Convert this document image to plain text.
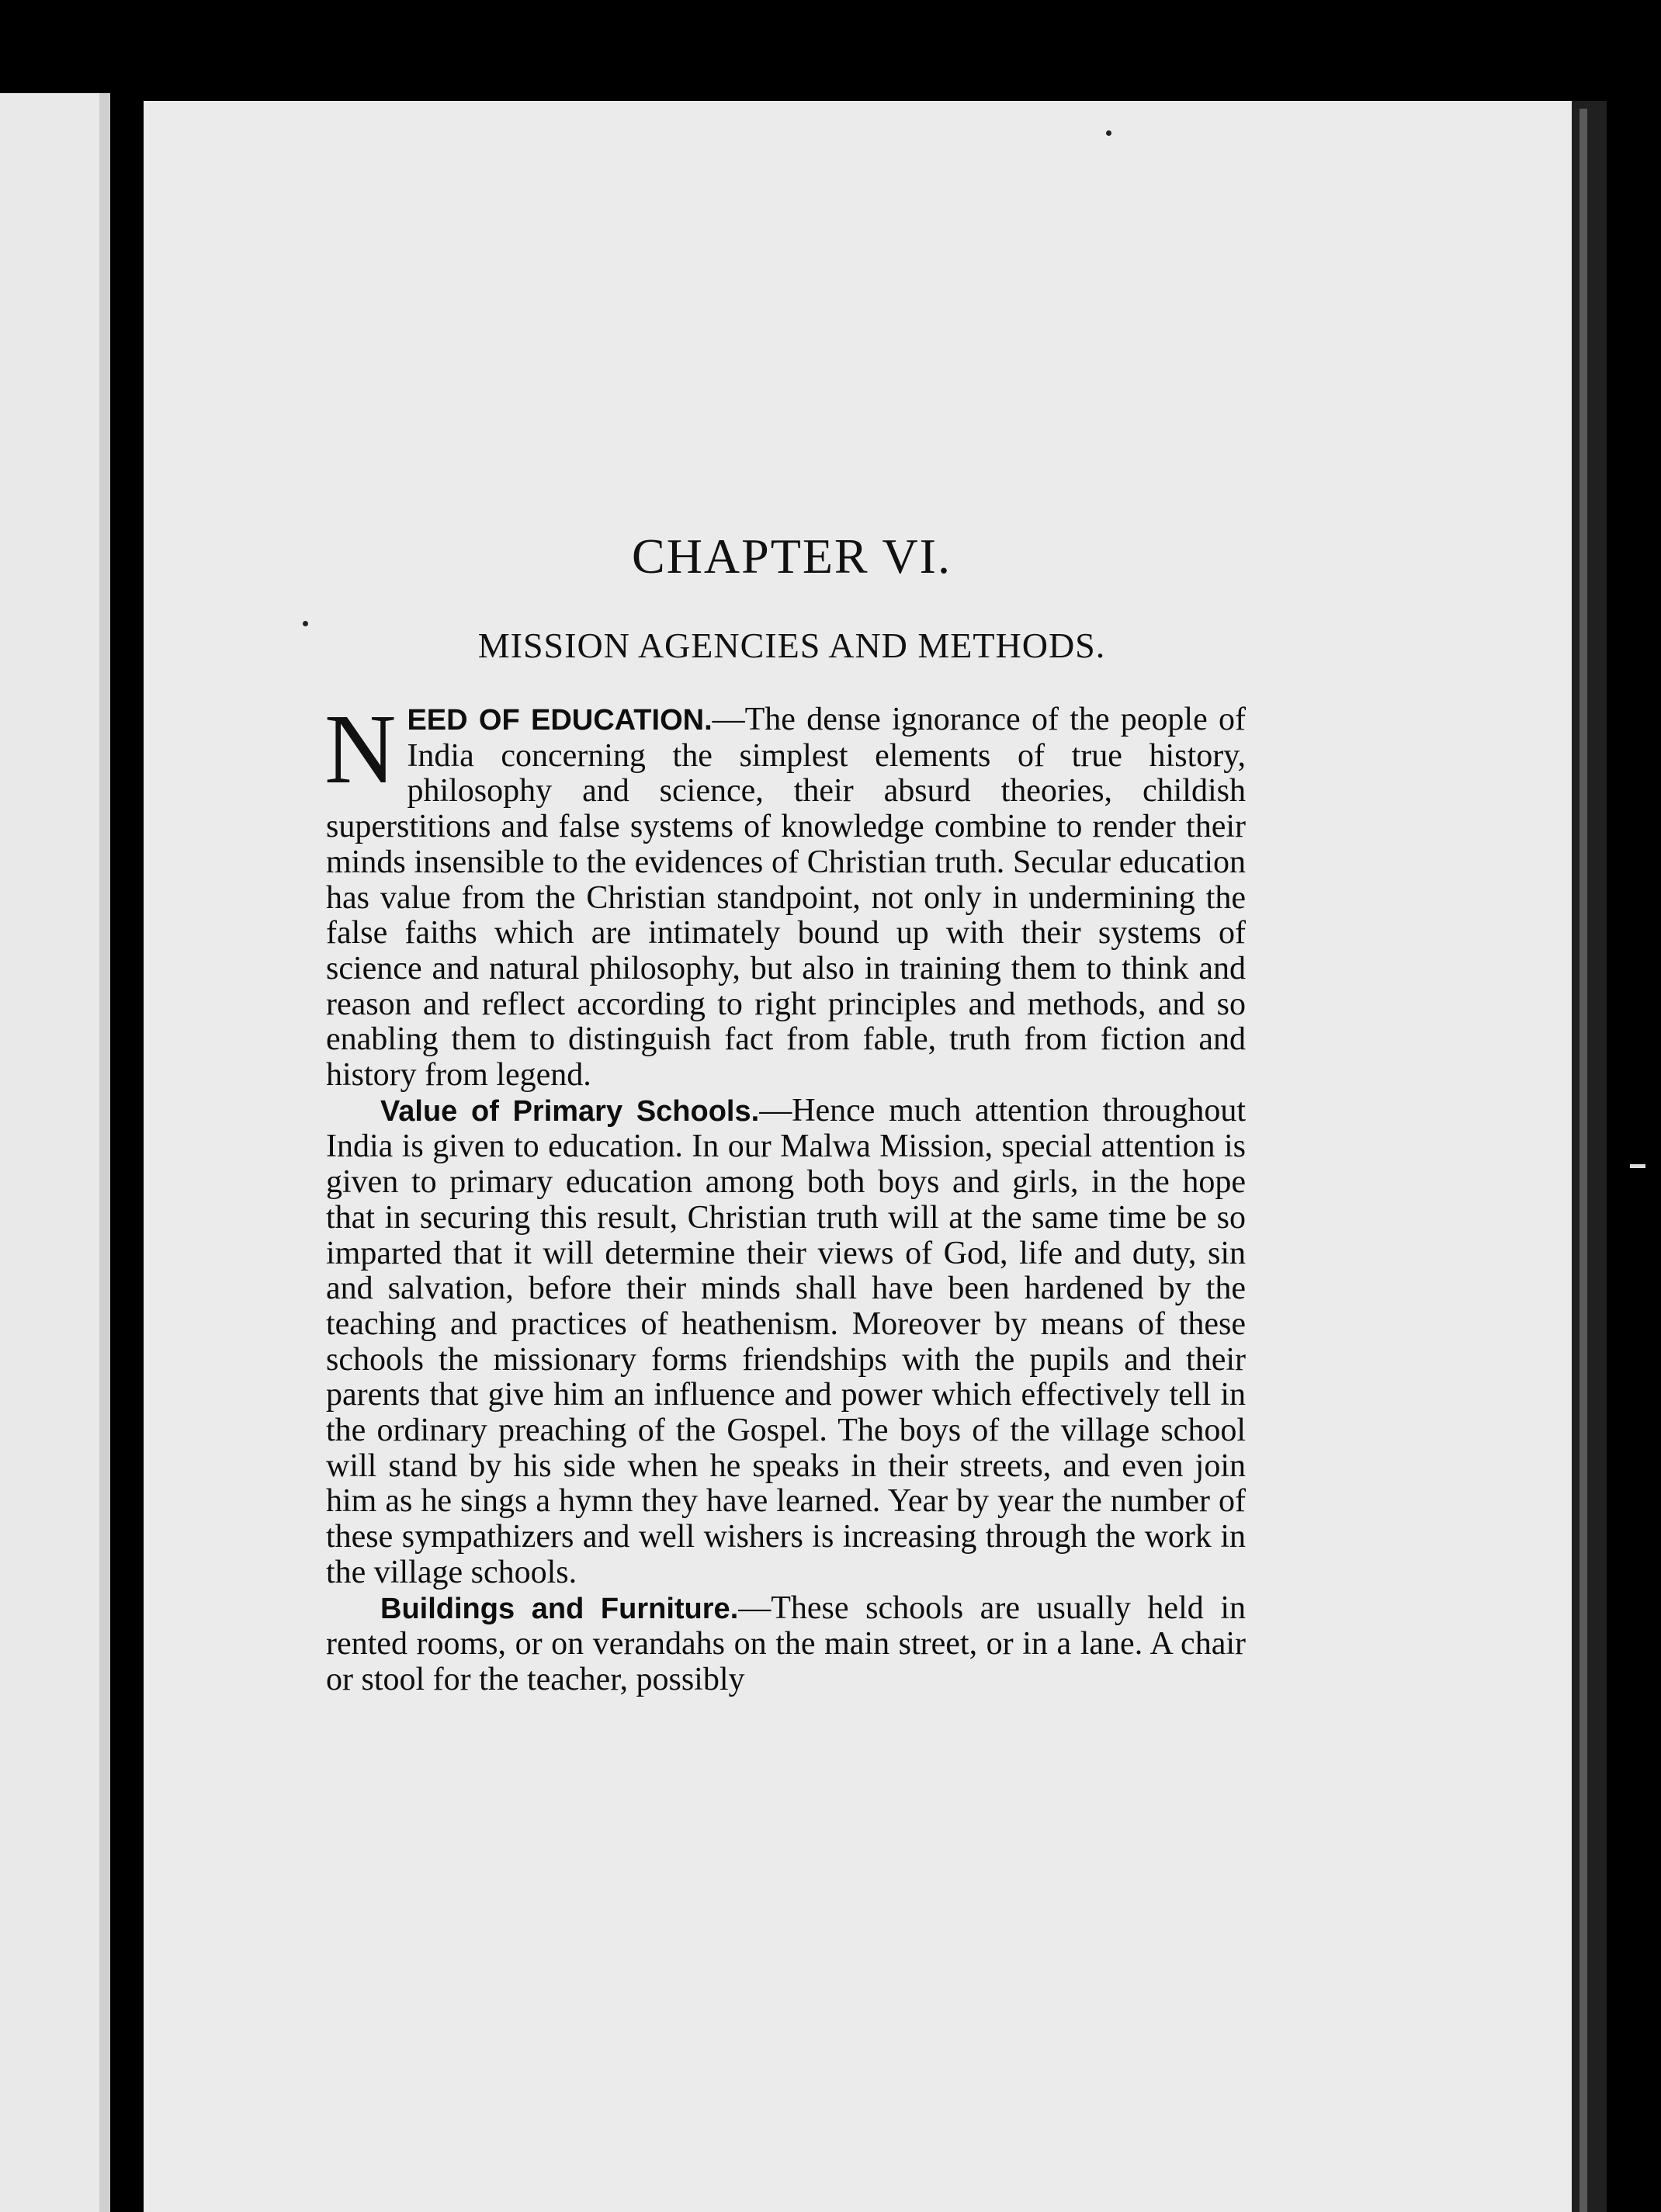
CHAPTER VI.
MISSION AGENCIES AND METHODS.

NEED OF EDUCATION.—The dense ignorance of the people of India concerning the simplest elements of true history, philosophy and science, their absurd theories, childish superstitions and false systems of knowledge combine to render their minds insensible to the evidences of Christian truth. Secular education has value from the Christian standpoint, not only in undermining the false faiths which are intimately bound up with their systems of science and natural philosophy, but also in training them to think and reason and reflect according to right principles and methods, and so enabling them to distinguish fact from fable, truth from fiction and history from legend.

Value of Primary Schools.—Hence much attention throughout India is given to education. In our Malwa Mission, special attention is given to primary education among both boys and girls, in the hope that in securing this result, Christian truth will at the same time be so imparted that it will determine their views of God, life and duty, sin and salvation, before their minds shall have been hardened by the teaching and practices of heathenism. Moreover by means of these schools the missionary forms friendships with the pupils and their parents that give him an influence and power which effectively tell in the ordinary preaching of the Gospel. The boys of the village school will stand by his side when he speaks in their streets, and even join him as he sings a hymn they have learned. Year by year the number of these sympathizers and well wishers is increasing through the work in the village schools.

Buildings and Furniture.—These schools are usually held in rented rooms, or on verandahs on the main street, or in a lane. A chair or stool for the teacher, possibly
